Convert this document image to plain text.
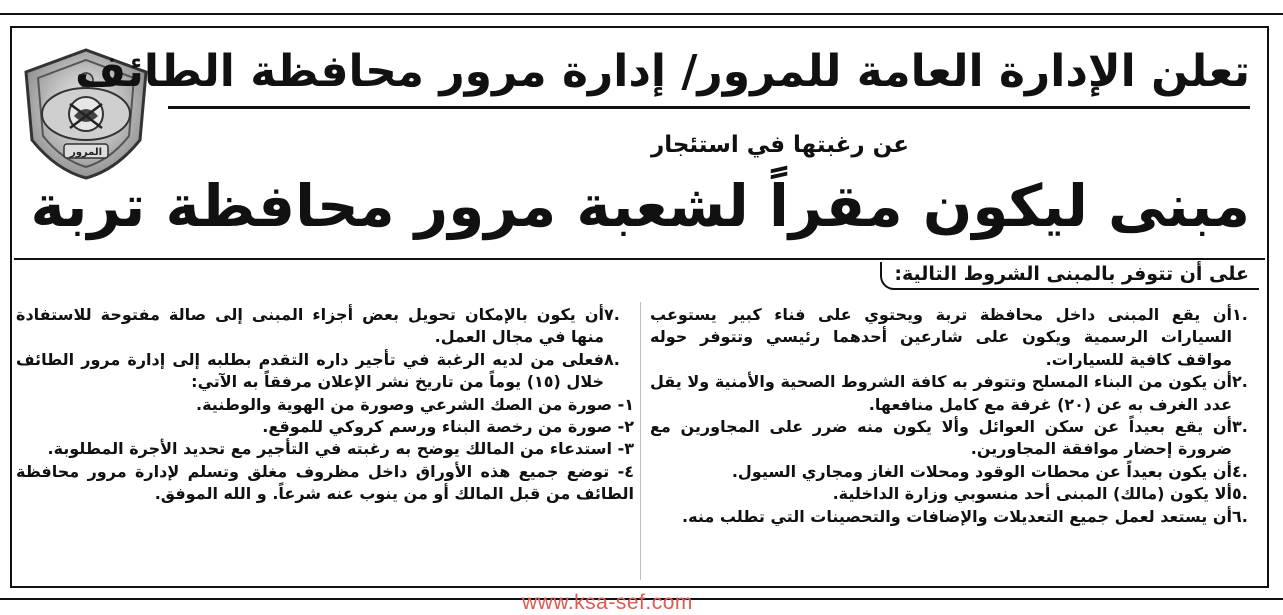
المرور
تعلن الإدارة العامة للمرور/ إدارة مرور محافظة الطائف
عن رغبتها في استئجار
مبنى ليكون مقراً لشعبة مرور محافظة تربة
على أن تتوفر بالمبنى الشروط التالية:
.١
أن يقع المبنى داخل محافظة تربة ويحتوي على فناء كبير يستوعب السيارات الرسمية ويكون على شارعين أحدهما رئيسي وتتوفر حوله مواقف كافية للسيارات.
.٢
أن يكون من البناء المسلح وتتوفر به كافة الشروط الصحية والأمنية ولا يقل عدد الغرف به عن (٢٠) غرفة مع كامل منافعها.
.٣
أن يقع بعيداً عن سكن العوائل وألا يكون منه ضرر على المجاورين مع ضرورة إحضار موافقة المجاورين.
.٤
أن يكون بعيداً عن محطات الوقود ومحلات الغاز ومجاري السيول.
.٥
ألا يكون (مالك) المبنى أحد منسوبي وزارة الداخلية.
.٦
أن يستعد لعمل جميع التعديلات والإضافات والتحصينات التي تطلب منه.
.٧
أن يكون بالإمكان تحويل بعض أجزاء المبنى إلى صالة مفتوحة للاستفادة منها في مجال العمل.
.٨
فعلى من لديه الرغبة في تأجير داره التقدم بطلبه إلى إدارة مرور الطائف خلال (١٥) يوماً من تاريخ نشر الإعلان مرفقاً به الآتي:
١- صورة من الصك الشرعي وصورة من الهوية والوطنية.
٢- صورة من رخصة البناء ورسم كروكي للموقع.
٣- استدعاء من المالك يوضح به رغبته في التأجير مع تحديد الأجرة المطلوبة.
٤- توضع جميع هذه الأوراق داخل مظروف مغلق وتسلم لإدارة مرور محافظة الطائف من قبل المالك أو من ينوب عنه شرعاً. و الله الموفق.
www.ksa-sef.com
